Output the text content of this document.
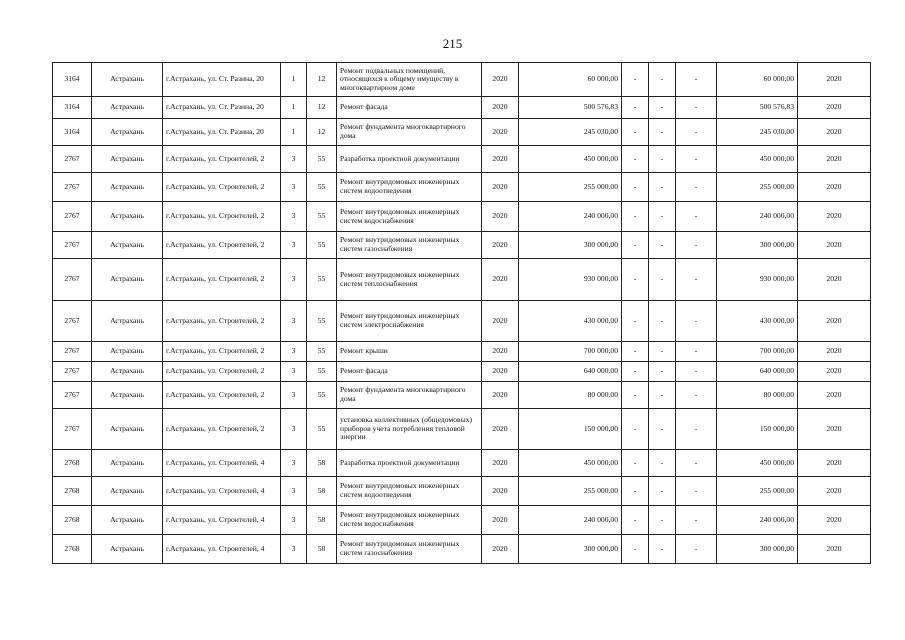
215
3164	Астрахань	г.Астрахань, ул. Ст. Разина, 20	1	12	Ремонт подвальных помещений, относящихся к общему имуществу в многоквартирном доме	2020	60 000,00	-	-	-	60 000,00	2020
3164	Астрахань	г.Астрахань, ул. Ст. Разина, 20	1	12	Ремонт фасада	2020	500 576,83	-	-	-	500 576,83	2020
3164	Астрахань	г.Астрахань, ул. Ст. Разина, 20	1	12	Ремонт фундамента многоквартирного дома	2020	245 030,00	-	-	-	245 030,00	2020
2767	Астрахань	г.Астрахань, ул. Строителей, 2	3	55	Разработка проектной документации	2020	450 000,00	-	-	-	450 000,00	2020
2767	Астрахань	г.Астрахань, ул. Строителей, 2	3	55	Ремонт внутридомовых инженерных систем водоотведения	2020	255 000,00	-	-	-	255 000,00	2020
2767	Астрахань	г.Астрахань, ул. Строителей, 2	3	55	Ремонт внутридомовых инженерных систем водоснабжения	2020	240 000,00	-	-	-	240 000,00	2020
2767	Астрахань	г.Астрахань, ул. Строителей, 2	3	55	Ремонт внутридомовых инженерных систем газоснабжения	2020	300 000,00	-	-	-	300 000,00	2020
2767	Астрахань	г.Астрахань, ул. Строителей, 2	3	55	Ремонт внутридомовых инженерных систем теплоснабжения	2020	930 000,00	-	-	-	930 000,00	2020
2767	Астрахань	г.Астрахань, ул. Строителей, 2	3	55	Ремонт внутридомовых инженерных систем электроснабжения	2020	430 000,00	-	-	-	430 000,00	2020
2767	Астрахань	г.Астрахань, ул. Строителей, 2	3	55	Ремонт крыши	2020	700 000,00	-	-	-	700 000,00	2020
2767	Астрахань	г.Астрахань, ул. Строителей, 2	3	55	Ремонт фасада	2020	640 000,00	-	-	-	640 000,00	2020
2767	Астрахань	г.Астрахань, ул. Строителей, 2	3	55	Ремонт фундамента многоквартирного дома	2020	80 000,00	-	-	-	80 000,00	2020
2767	Астрахань	г.Астрахань, ул. Строителей, 2	3	55	установка коллективных (общедомовых) приборов учета потребления тепловой энергии	2020	150 000,00	-	-	-	150 000,00	2020
2768	Астрахань	г.Астрахань, ул. Строителей, 4	3	58	Разработка проектной документации	2020	450 000,00	-	-	-	450 000,00	2020
2768	Астрахань	г.Астрахань, ул. Строителей, 4	3	58	Ремонт внутридомовых инженерных систем водоотведения	2020	255 000,00	-	-	-	255 000,00	2020
2768	Астрахань	г.Астрахань, ул. Строителей, 4	3	58	Ремонт внутридомовых инженерных систем водоснабжения	2020	240 000,00	-	-	-	240 000,00	2020
2768	Астрахань	г.Астрахань, ул. Строителей, 4	3	58	Ремонт внутридомовых инженерных систем газоснабжения	2020	300 000,00	-	-	-	300 000,00	2020
